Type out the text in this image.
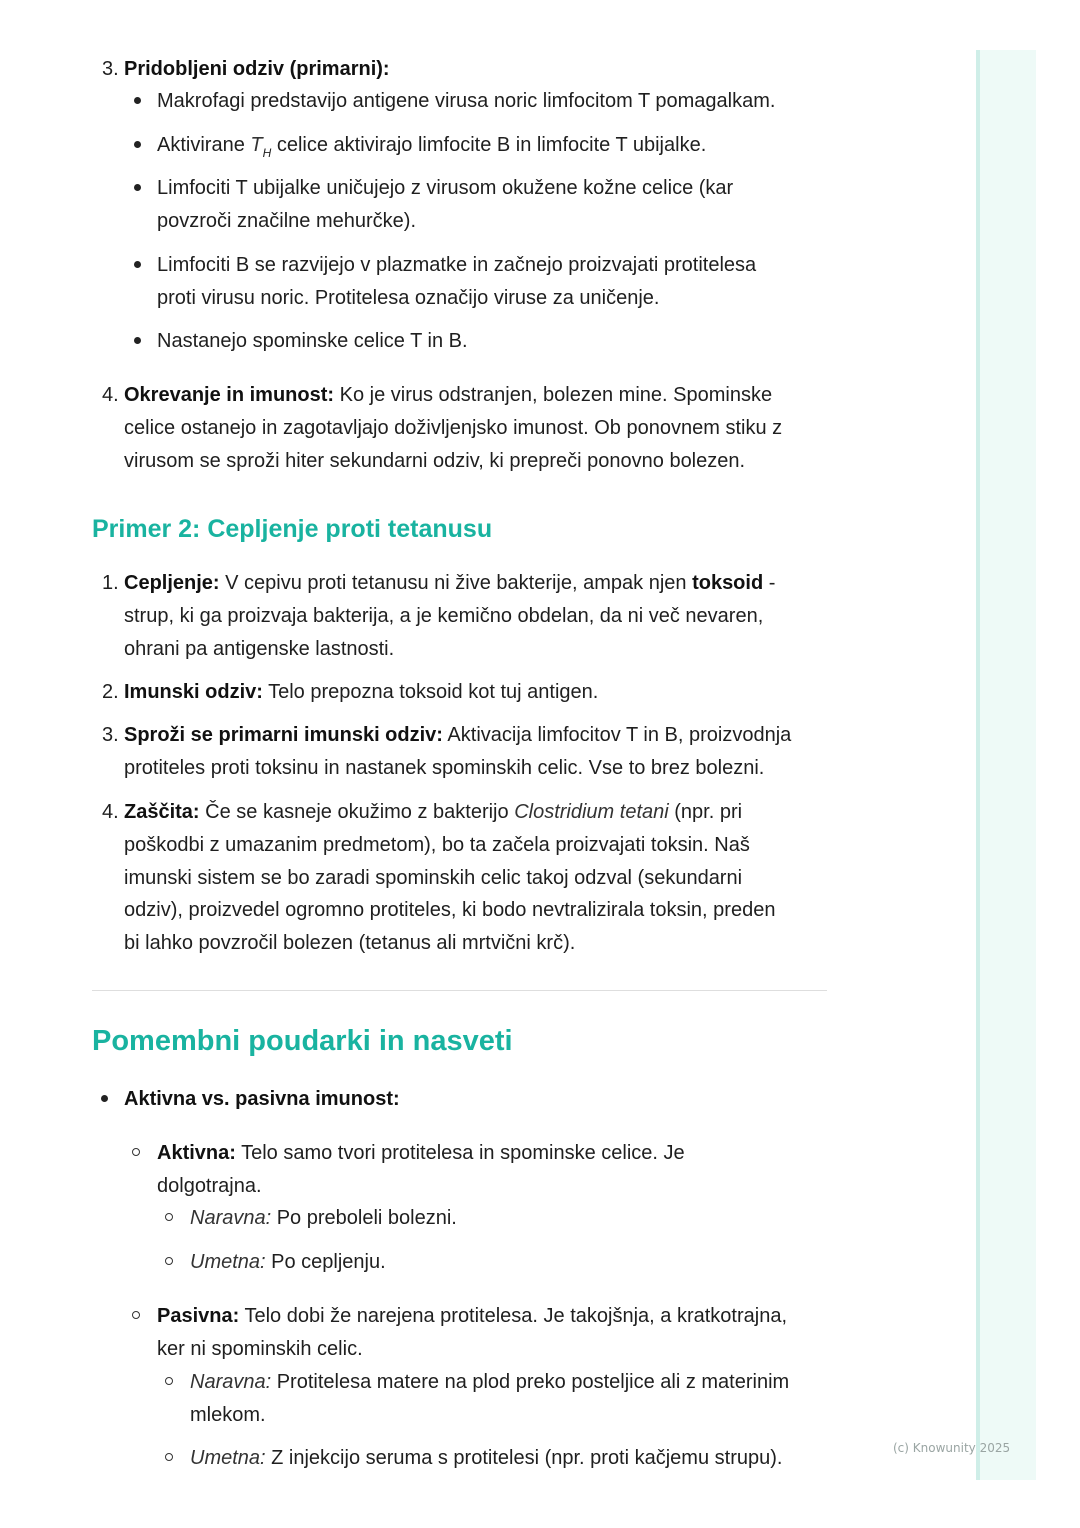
3. Pridobljeni odziv (primarni):
Makrofagi predstavijo antigene virusa noric limfocitom T pomagalkam.
Aktivirane $T_H$ celice aktivirajo limfocite B in limfocite T ubijalke.
Limfociti T ubijalke uničujejo z virusom okužene kožne celice (kar
povzroči značilne mehurčke).
Limfociti B se razvijejo v plazmatke in začnejo proizvajati protitelesa
proti virusu noric. Protitelesa označijo viruse za uničenje.
Nastanejo spominske celice T in B.
4. Okrevanje in imunost: Ko je virus odstranjen, bolezen mine. Spominske
celice ostanejo in zagotavljajo doživljenjsko imunost. Ob ponovnem stiku z
virusom se sproži hiter sekundarni odziv, ki prepreči ponovno bolezen.
Primer 2: Cepljenje proti tetanusu
1. Cepljenje: V cepivu proti tetanusu ni žive bakterije, ampak njen toksoid -
strup, ki ga proizvaja bakterija, a je kemično obdelan, da ni več nevaren,
ohrani pa antigenske lastnosti.
2. Imunski odziv: Telo prepozna toksoid kot tuj antigen.
3. Sproži se primarni imunski odziv: Aktivacija limfocitov T in B, proizvodnja
protiteles proti toksinu in nastanek spominskih celic. Vse to brez bolezni.
4. Zaščita: Če se kasneje okužimo z bakterijo Clostridium tetani (npr. pri
poškodbi z umazanim predmetom), bo ta začela proizvajati toksin. Naš
imunski sistem se bo zaradi spominskih celic takoj odzval (sekundarni
odziv), proizvedel ogromno protiteles, ki bodo nevtralizirala toksin, preden
bi lahko povzročil bolezen (tetanus ali mrtvični krč).
Pomembni poudarki in nasveti
Aktivna vs. pasivna imunost:
Aktivna: Telo samo tvori protitelesa in spominske celice. Je
dolgotrajna.
Naravna: Po preboleli bolezni.
Umetna: Po cepljenju.
Pasivna: Telo dobi že narejena protitelesa. Je takojšnja, a kratkotrajna,
ker ni spominskih celic.
Naravna: Protitelesa matere na plod preko posteljice ali z materinim
mlekom.
Umetna: Z injekcijo seruma s protitelesi (npr. proti kačjemu strupu).	(c) Knowunity 2025
